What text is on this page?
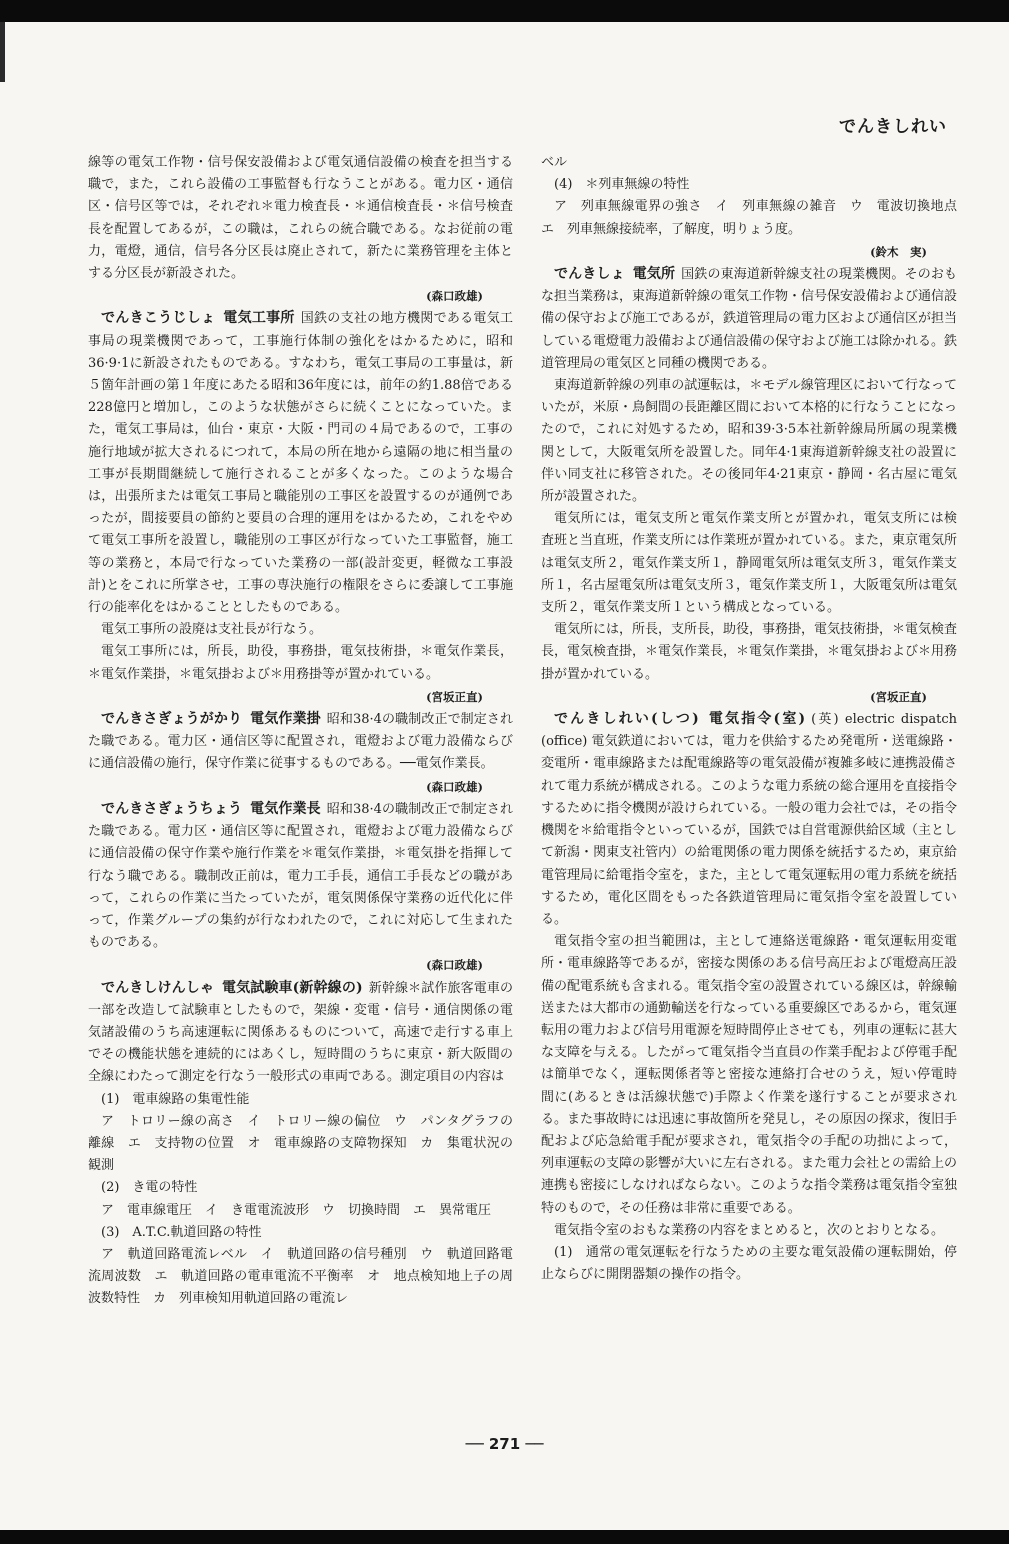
でんきしれい

線等の電気工作物・信号保安設備および電気通信設備の検査を担当する職で，また，これら設備の工事監督も行なうことがある。電力区・通信区・信号区等では，それぞれ＊電力検査長・＊通信検査長・＊信号検査長を配置してあるが，この職は，これらの統合職である。なお従前の電力，電燈，通信，信号各分区長は廃止されて，新たに業務管理を主体とする分区長が新設された。

(森口政雄)

でんきこうじしょ 電気工事所 国鉄の支社の地方機関である電気工事局の現業機関であって，工事施行体制の強化をはかるために，昭和36·9·1に新設されたものである。すなわち，電気工事局の工事量は，新５箇年計画の第１年度にあたる昭和36年度には，前年の約1.88倍である228億円と増加し，このような状態がさらに続くことになっていた。また，電気工事局は，仙台・東京・大阪・門司の４局であるので，工事の施行地域が拡大されるにつれて，本局の所在地から遠隔の地に相当量の工事が長期間継続して施行されることが多くなった。このような場合は，出張所または電気工事局と職能別の工事区を設置するのが通例であったが，間接要員の節約と要員の合理的運用をはかるため，これをやめて電気工事所を設置し，職能別の工事区が行なっていた工事監督，施工等の業務と，本局で行なっていた業務の一部(設計変更，軽微な工事設計)とをこれに所掌させ，工事の専決施行の権限をさらに委譲して工事施行の能率化をはかることとしたものである。

電気工事所の設廃は支社長が行なう。

電気工事所には，所長，助役，事務掛，電気技術掛，＊電気作業長，＊電気作業掛，＊電気掛および＊用務掛等が置かれている。

(宮坂正直)

でんきさぎょうがかり 電気作業掛 昭和38·4の職制改正で制定された職である。電力区・通信区等に配置され，電燈および電力設備ならびに通信設備の施行，保守作業に従事するものである。──電気作業長。

(森口政雄)

でんきさぎょうちょう 電気作業長 昭和38·4の職制改正で制定された職である。電力区・通信区等に配置され，電燈および電力設備ならびに通信設備の保守作業や施行作業を＊電気作業掛，＊電気掛を指揮して行なう職である。職制改正前は，電力工手長，通信工手長などの職があって，これらの作業に当たっていたが，電気関係保守業務の近代化に伴って，作業グループの集約が行なわれたので，これに対応して生まれたものである。

(森口政雄)

でんきしけんしゃ 電気試験車(新幹線の) 新幹線＊試作旅客電車の一部を改造して試験車としたもので，架線・変電・信号・通信関係の電気諸設備のうち高速運転に関係あるものについて，高速で走行する車上でその機能状態を連続的にはあくし，短時間のうちに東京・新大阪間の全線にわたって測定を行なう一般形式の車両である。測定項目の内容は

(1)　電車線路の集電性能

ア　トロリー線の高さ　イ　トロリー線の偏位　ウ　パンタグラフの離線　エ　支持物の位置　オ　電車線路の支障物探知　カ　集電状況の観測

(2)　き電の特性

ア　電車線電圧　イ　き電電流波形　ウ　切換時間　エ　異常電圧

(3)　A.T.C.軌道回路の特性

ア　軌道回路電流レベル　イ　軌道回路の信号種別　ウ　軌道回路電流周波数　エ　軌道回路の電車電流不平衡率　オ　地点検知地上子の周波数特性　カ　列車検知用軌道回路の電流レ

ベル

(4)　＊列車無線の特性

ア　列車無線電界の強さ　イ　列車無線の雑音　ウ　電波切換地点　エ　列車無線接続率，了解度，明りょう度。

(鈴木　実)

でんきしょ 電気所 国鉄の東海道新幹線支社の現業機関。そのおもな担当業務は，東海道新幹線の電気工作物・信号保安設備および通信設備の保守および施工であるが，鉄道管理局の電力区および通信区が担当している電燈電力設備および通信設備の保守および施工は除かれる。鉄道管理局の電気区と同種の機関である。

東海道新幹線の列車の試運転は，＊モデル線管理区において行なっていたが，米原・鳥飼間の長距離区間において本格的に行なうことになったので，これに対処するため，昭和39·3·5本社新幹線局所属の現業機関として，大阪電気所を設置した。同年4·1東海道新幹線支社の設置に伴い同支社に移管された。その後同年4·21東京・静岡・名古屋に電気所が設置された。

電気所には，電気支所と電気作業支所とが置かれ，電気支所には検査班と当直班，作業支所には作業班が置かれている。また，東京電気所は電気支所２，電気作業支所１，静岡電気所は電気支所３，電気作業支所１，名古屋電気所は電気支所３，電気作業支所１，大阪電気所は電気支所２，電気作業支所１という構成となっている。

電気所には，所長，支所長，助役，事務掛，電気技術掛，＊電気検査長，電気検査掛，＊電気作業長，＊電気作業掛，＊電気掛および＊用務掛が置かれている。

(宮坂正直)

でんきしれい(しつ) 電気指令(室) (英) electric dispatch (office) 電気鉄道においては，電力を供給するため発電所・送電線路・変電所・電車線路または配電線路等の電気設備が複雑多岐に連携設備されて電力系統が構成される。このような電力系統の総合運用を直接指令するために指令機関が設けられている。一般の電力会社では，その指令機関を＊給電指令といっているが，国鉄では自営電源供給区域（主として新潟・関東支社管内）の給電関係の電力関係を統括するため，東京給電管理局に給電指令室を，また，主として電気運転用の電力系統を統括するため，電化区間をもった各鉄道管理局に電気指令室を設置している。

電気指令室の担当範囲は，主として連絡送電線路・電気運転用変電所・電車線路等であるが，密接な関係のある信号高圧および電燈高圧設備の配電系統も含まれる。電気指令室の設置されている線区は，幹線輸送または大都市の通勤輸送を行なっている重要線区であるから，電気運転用の電力および信号用電源を短時間停止させても，列車の運転に甚大な支障を与える。したがって電気指令当直員の作業手配および停電手配は簡単でなく，運転関係者等と密接な連絡打合せのうえ，短い停電時間に(あるときは活線状態で)手際よく作業を遂行することが要求される。また事故時には迅速に事故箇所を発見し，その原因の探求，復旧手配および応急給電手配が要求され，電気指令の手配の功拙によって，列車運転の支障の影響が大いに左右される。また電力会社との需給上の連携も密接にしなければならない。このような指令業務は電気指令室独特のもので，その任務は非常に重要である。

電気指令室のおもな業務の内容をまとめると，次のとおりとなる。

(1)　通常の電気運転を行なうための主要な電気設備の運転開始，停止ならびに開閉器類の操作の指令。

── 271 ──
